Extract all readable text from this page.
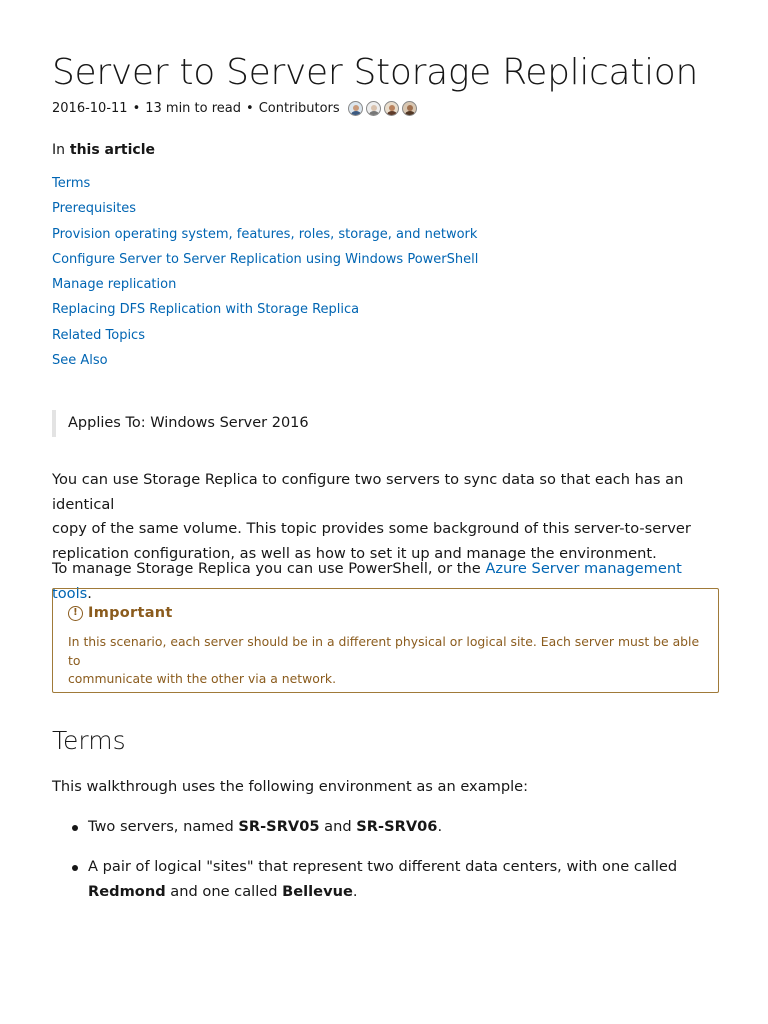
Server to Server Storage Replication
2016-10-11 • 13 min to read • Contributors
In this article
Terms
Prerequisites
Provision operating system, features, roles, storage, and network
Configure Server to Server Replication using Windows PowerShell
Manage replication
Replacing DFS Replication with Storage Replica
Related Topics
See Also
Applies To: Windows Server 2016
You can use Storage Replica to configure two servers to sync data so that each has an identical
copy of the same volume. This topic provides some background of this server-to-server
replication configuration, as well as how to set it up and manage the environment.
To manage Storage Replica you can use PowerShell, or the Azure Server management tools.
! Important
In this scenario, each server should be in a different physical or logical site. Each server must be able to
communicate with the other via a network.
Terms
This walkthrough uses the following environment as an example:
Two servers, named SR-SRV05 and SR-SRV06.
A pair of logical "sites" that represent two different data centers, with one called
Redmond and one called Bellevue.
